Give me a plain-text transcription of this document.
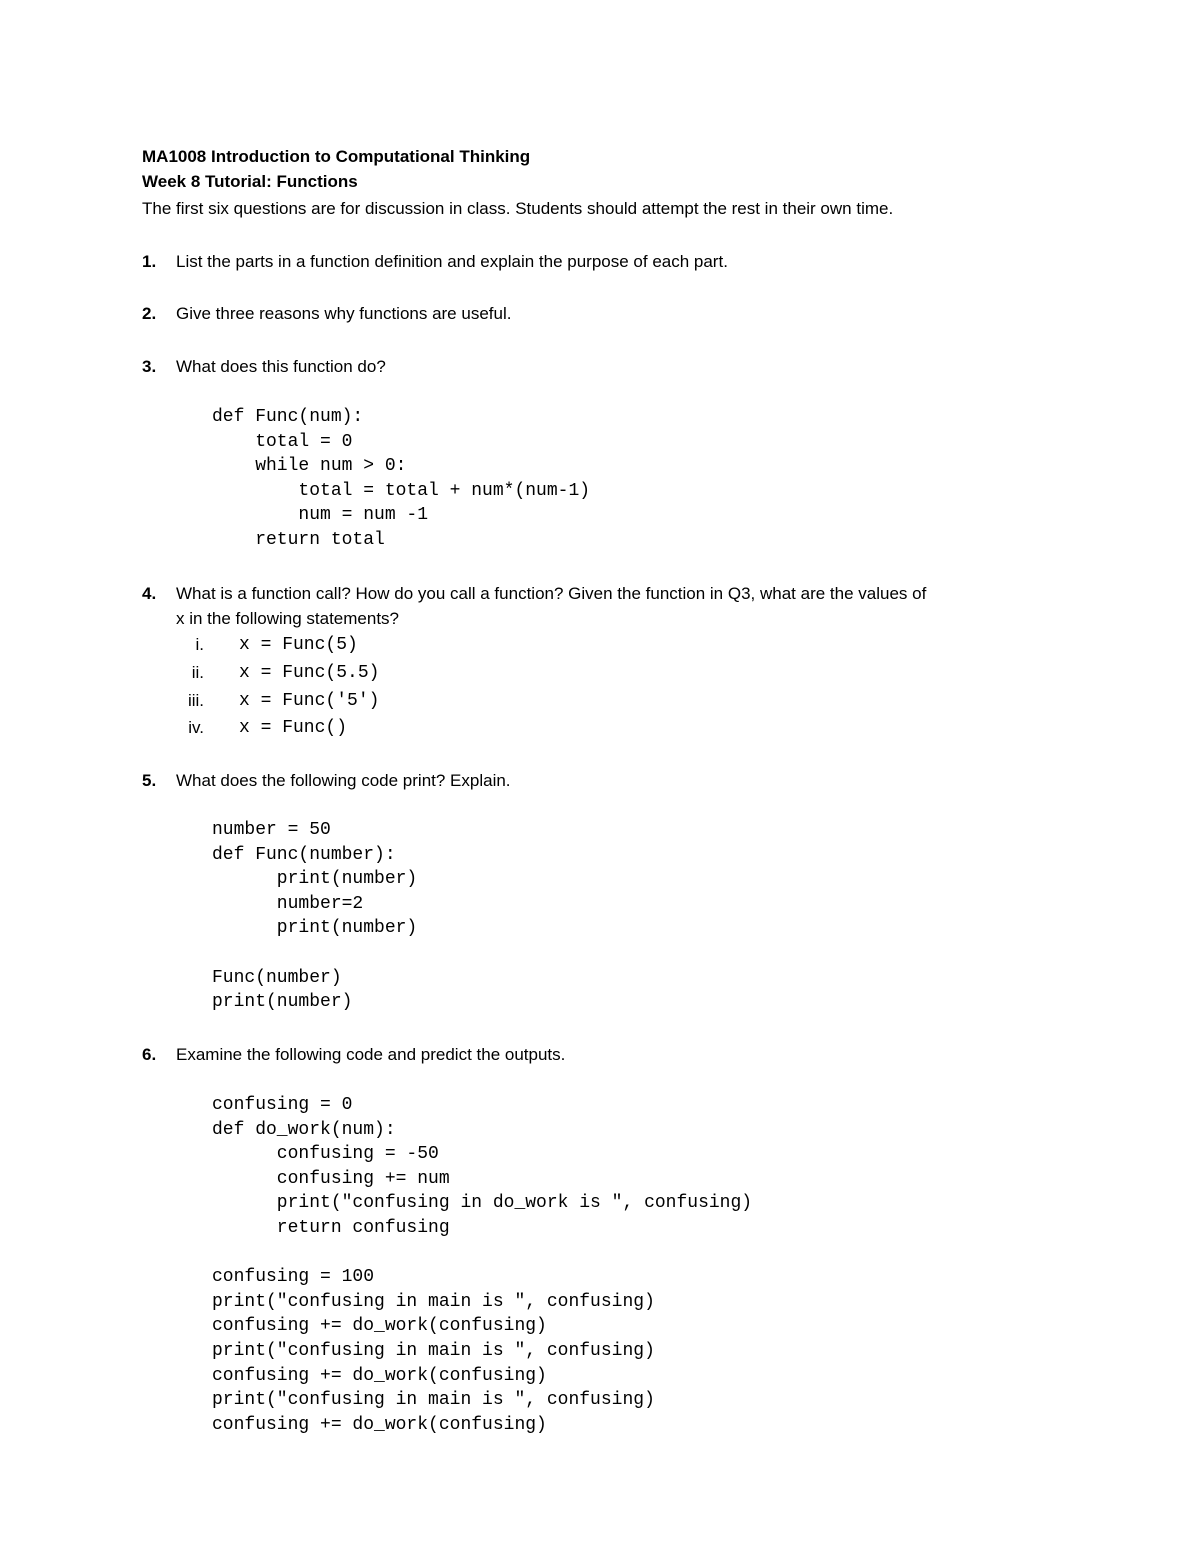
MA1008 Introduction to Computational Thinking
Week 8 Tutorial: Functions
The first six questions are for discussion in class. Students should attempt the rest in their own time.
1. List the parts in a function definition and explain the purpose of each part.
2. Give three reasons why functions are useful.
3. What does this function do?
def Func(num):
total = 0
while num > 0:
total = total + num*(num-1)
num = num -1
return total
4. What is a function call? How do you call a function? Given the function in Q3, what are the values of
x in the following statements?
i. x = Func(5)
ii. x = Func(5.5)
iii. x = Func('5')
iv. x = Func()
5. What does the following code print? Explain.
number = 50
def Func(number):
print(number)
number=2
print(number)

Func(number)
print(number)
6. Examine the following code and predict the outputs.
confusing = 0
def do_work(num):
confusing = -50
confusing += num
print("confusing in do_work is ", confusing)
return confusing

confusing = 100
print("confusing in main is ", confusing)
confusing += do_work(confusing)
print("confusing in main is ", confusing)
confusing += do_work(confusing)
print("confusing in main is ", confusing)
confusing += do_work(confusing)
